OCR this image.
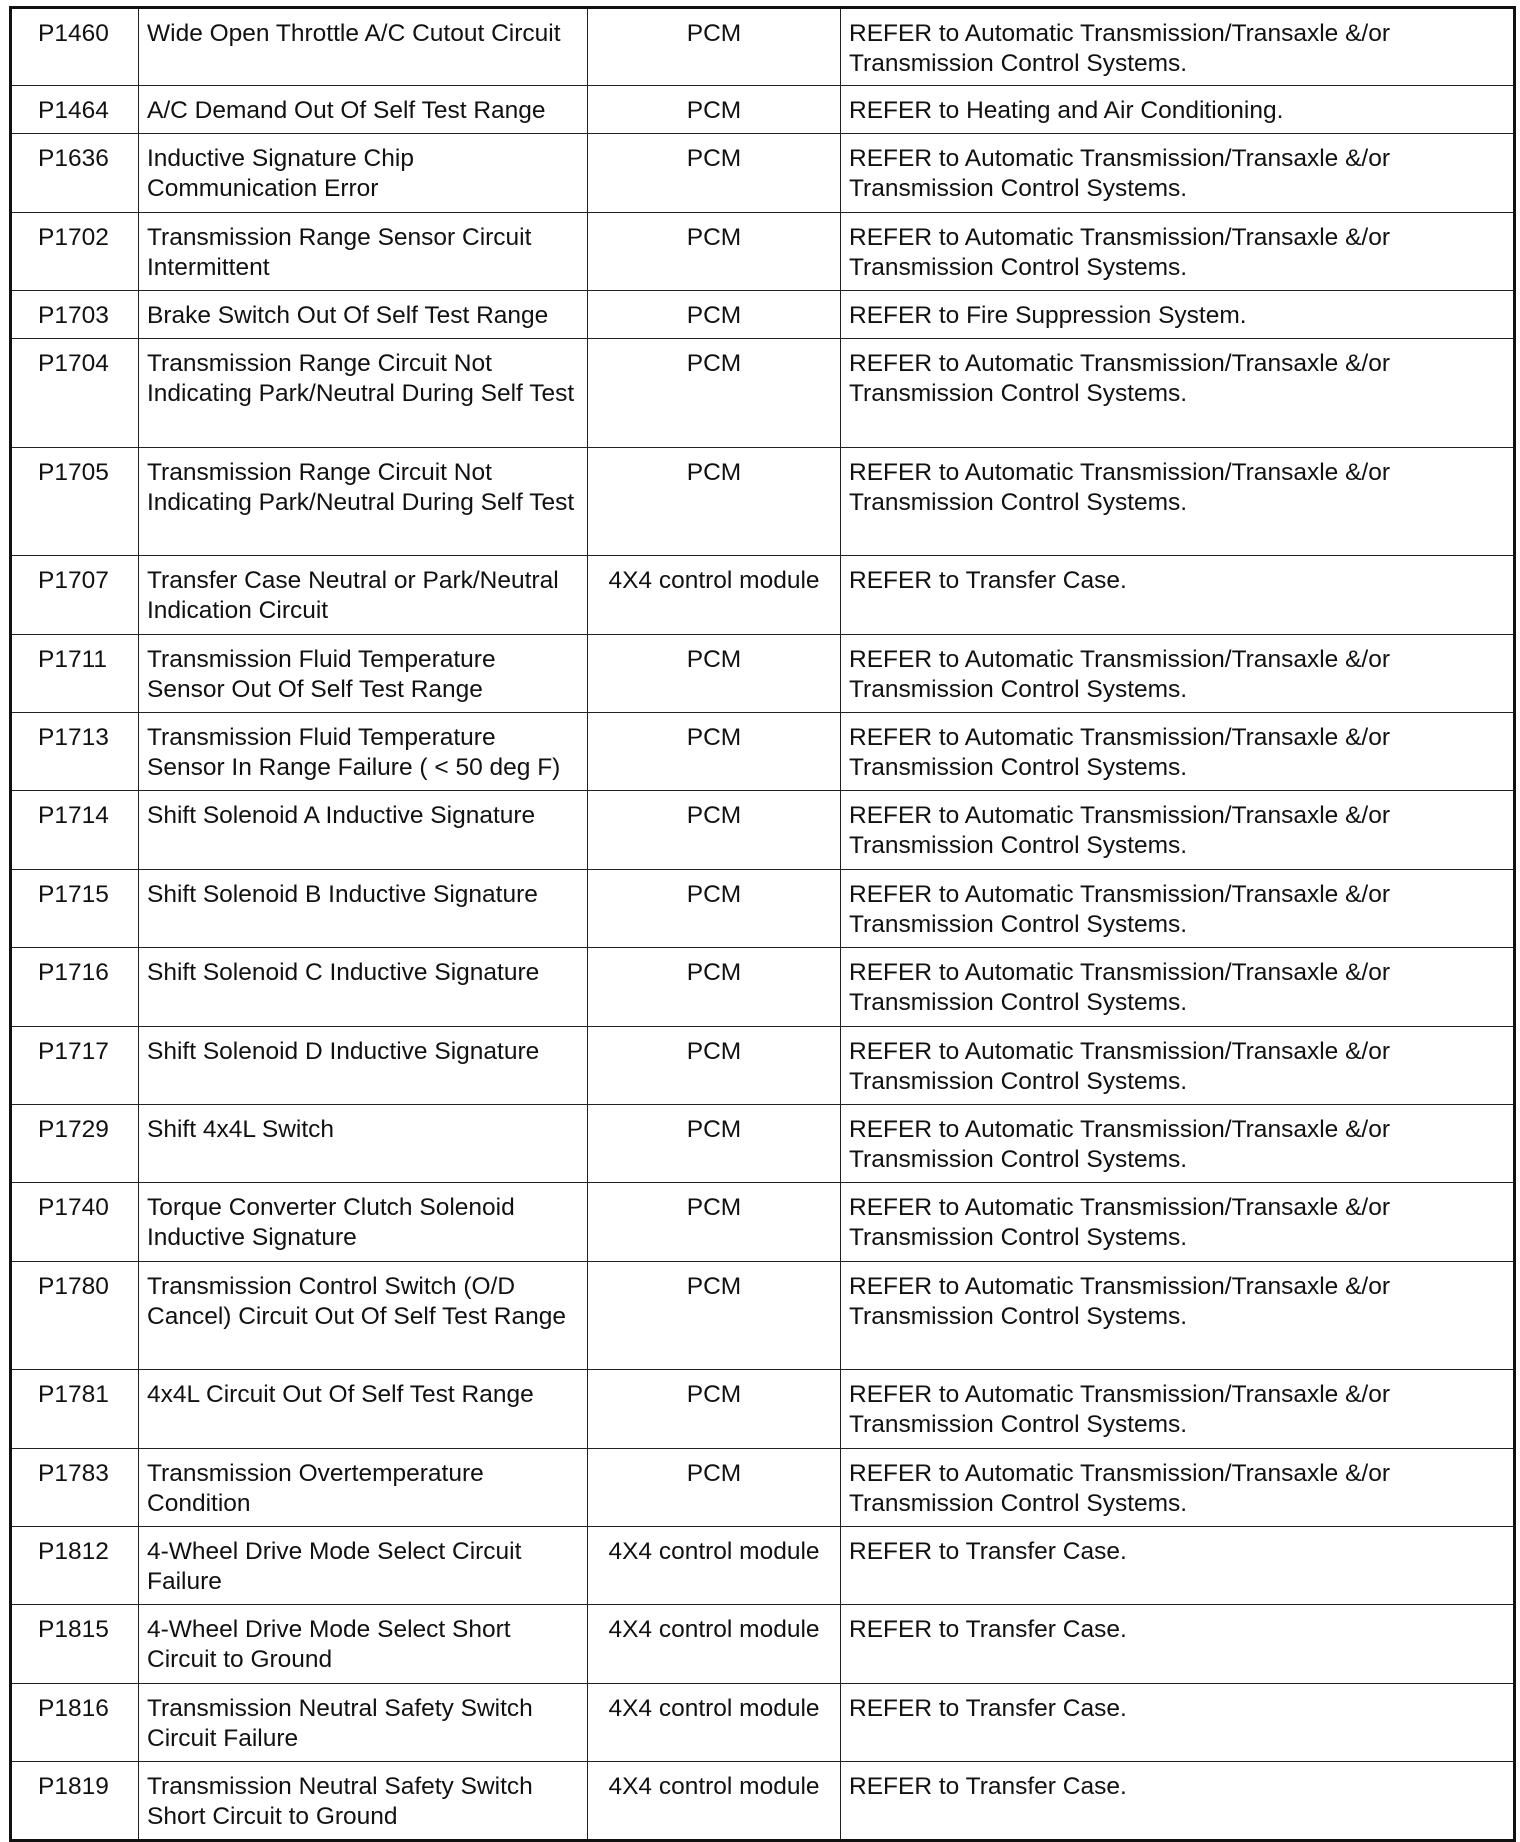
P1460	Wide Open Throttle A/C Cutout Circuit	PCM	REFER to Automatic Transmission/Transaxle &/or Transmission Control Systems.
P1464	A/C Demand Out Of Self Test Range	PCM	REFER to Heating and Air Conditioning.
P1636	Inductive Signature Chip Communication Error	PCM	REFER to Automatic Transmission/Transaxle &/or Transmission Control Systems.
P1702	Transmission Range Sensor Circuit Intermittent	PCM	REFER to Automatic Transmission/Transaxle &/or Transmission Control Systems.
P1703	Brake Switch Out Of Self Test Range	PCM	REFER to Fire Suppression System.
P1704	Transmission Range Circuit Not Indicating Park/Neutral During Self Test	PCM	REFER to Automatic Transmission/Transaxle &/or Transmission Control Systems.
P1705	Transmission Range Circuit Not Indicating Park/Neutral During Self Test	PCM	REFER to Automatic Transmission/Transaxle &/or Transmission Control Systems.
P1707	Transfer Case Neutral or Park/Neutral Indication Circuit	4X4 control module	REFER to Transfer Case.
P1711	Transmission Fluid Temperature Sensor Out Of Self Test Range	PCM	REFER to Automatic Transmission/Transaxle &/or Transmission Control Systems.
P1713	Transmission Fluid Temperature Sensor In Range Failure ( < 50 deg F)	PCM	REFER to Automatic Transmission/Transaxle &/or Transmission Control Systems.
P1714	Shift Solenoid A Inductive Signature	PCM	REFER to Automatic Transmission/Transaxle &/or Transmission Control Systems.
P1715	Shift Solenoid B Inductive Signature	PCM	REFER to Automatic Transmission/Transaxle &/or Transmission Control Systems.
P1716	Shift Solenoid C Inductive Signature	PCM	REFER to Automatic Transmission/Transaxle &/or Transmission Control Systems.
P1717	Shift Solenoid D Inductive Signature	PCM	REFER to Automatic Transmission/Transaxle &/or Transmission Control Systems.
P1729	Shift 4x4L Switch	PCM	REFER to Automatic Transmission/Transaxle &/or Transmission Control Systems.
P1740	Torque Converter Clutch Solenoid Inductive Signature	PCM	REFER to Automatic Transmission/Transaxle &/or Transmission Control Systems.
P1780	Transmission Control Switch (O/D Cancel) Circuit Out Of Self Test Range	PCM	REFER to Automatic Transmission/Transaxle &/or Transmission Control Systems.
P1781	4x4L Circuit Out Of Self Test Range	PCM	REFER to Automatic Transmission/Transaxle &/or Transmission Control Systems.
P1783	Transmission Overtemperature Condition	PCM	REFER to Automatic Transmission/Transaxle &/or Transmission Control Systems.
P1812	4-Wheel Drive Mode Select Circuit Failure	4X4 control module	REFER to Transfer Case.
P1815	4-Wheel Drive Mode Select Short Circuit to Ground	4X4 control module	REFER to Transfer Case.
P1816	Transmission Neutral Safety Switch Circuit Failure	4X4 control module	REFER to Transfer Case.
P1819	Transmission Neutral Safety Switch Short Circuit to Ground	4X4 control module	REFER to Transfer Case.
